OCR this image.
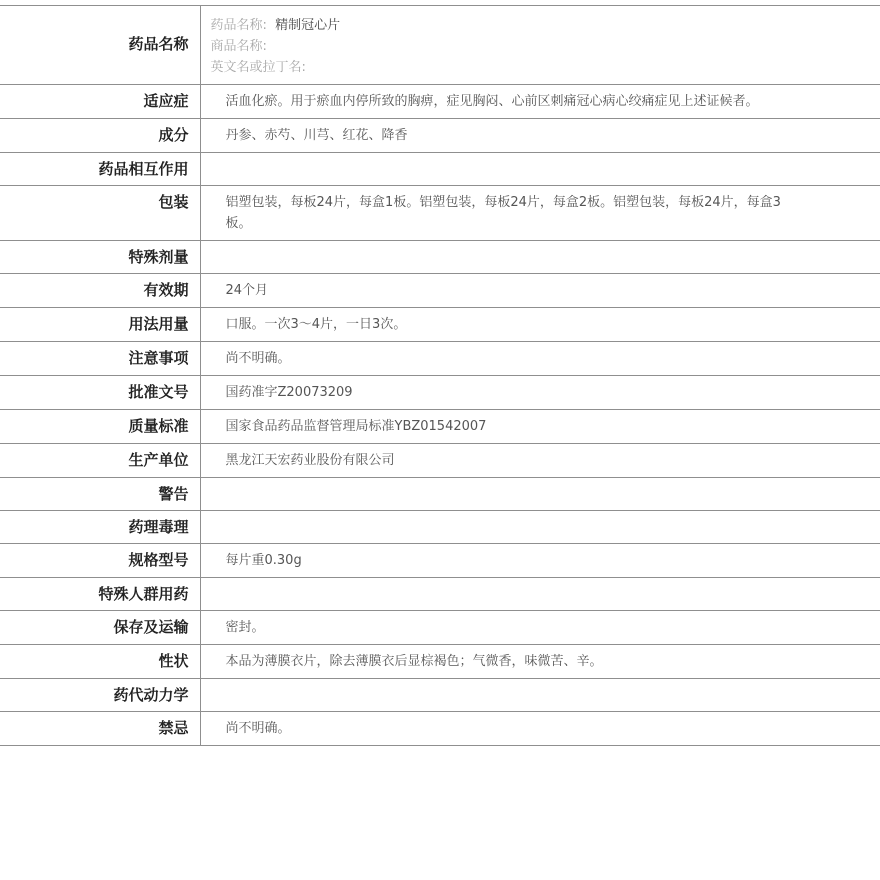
药品名称	药品名称: 精制冠心片
商品名称:
英文名或拉丁名:

适应症	活血化瘀。用于瘀血内停所致的胸痹，症见胸闷、心前区刺痛冠心病心绞痛症见上述证候者。
成分	丹参、赤芍、川芎、红花、降香
药品相互作用	
包装	铝塑包装，每板24片，每盒1板。铝塑包装，每板24片，每盒2板。铝塑包装，每板24片，每盒3板。
特殊剂量	
有效期	24个月
用法用量	口服。一次3～4片，一日3次。
注意事项	尚不明确。
批准文号	国药准字Z20073209
质量标准	国家食品药品监督管理局标准YBZ01542007
生产单位	黑龙江天宏药业股份有限公司
警告	
药理毒理	
规格型号	每片重0.30g
特殊人群用药	
保存及运输	密封。
性状	本品为薄膜衣片，除去薄膜衣后显棕褐色；气微香，味微苦、辛。
药代动力学	
禁忌	尚不明确。
